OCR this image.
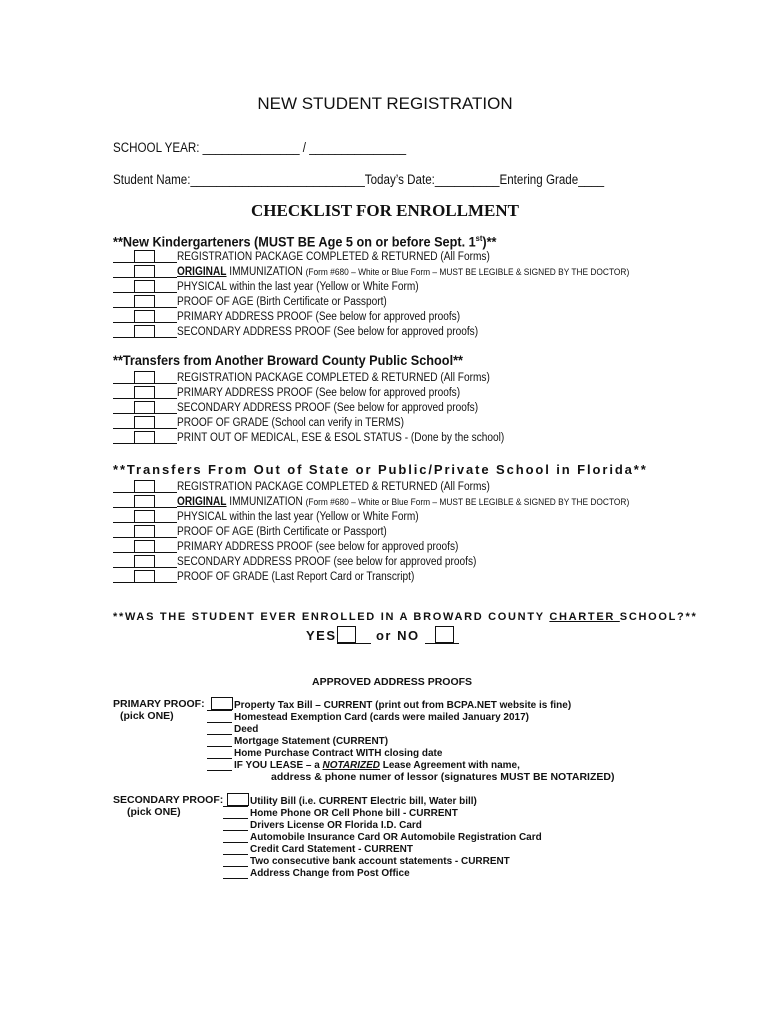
NEW STUDENT REGISTRATION
SCHOOL YEAR: _______________ / _______________
Student Name:___________________________Today’s Date:__________Entering Grade____
CHECKLIST FOR ENROLLMENT
**New Kindergarteners (MUST BE Age 5 on or before Sept. 1st)**
REGISTRATION PACKAGE COMPLETED & RETURNED (All Forms)
ORIGINAL IMMUNIZATION (Form #680 – White or Blue Form – MUST BE LEGIBLE & SIGNED BY THE DOCTOR)
PHYSICAL within the last year (Yellow or White Form)
PROOF OF AGE (Birth Certificate or Passport)
PRIMARY ADDRESS PROOF (See below for approved proofs)
SECONDARY ADDRESS PROOF (See below for approved proofs)
**Transfers from Another Broward County Public School**
REGISTRATION PACKAGE COMPLETED & RETURNED (All Forms)
PRIMARY ADDRESS PROOF (See below for approved proofs)
SECONDARY ADDRESS PROOF (See below for approved proofs)
PROOF OF GRADE (School can verify in TERMS)
PRINT OUT OF MEDICAL, ESE & ESOL STATUS - (Done by the school)
**Transfers From Out of State or Public/Private School in Florida**
REGISTRATION PACKAGE COMPLETED & RETURNED (All Forms)
ORIGINAL IMMUNIZATION (Form #680 – White or Blue Form – MUST BE LEGIBLE & SIGNED BY THE DOCTOR)
PHYSICAL within the last year (Yellow or White Form)
PROOF OF AGE (Birth Certificate or Passport)
PRIMARY ADDRESS PROOF (see below for approved proofs)
SECONDARY ADDRESS PROOF (see below for approved proofs)
PROOF OF GRADE (Last Report Card or Transcript)
**WAS THE STUDENT EVER ENROLLED IN A BROWARD COUNTY CHARTER SCHOOL?**
YES	or NO
APPROVED ADDRESS PROOFS
PRIMARY PROOF:
(pick ONE)
Property Tax Bill – CURRENT (print out from BCPA.NET website is fine)
Homestead Exemption Card (cards were mailed January 2017)
Deed
Mortgage Statement (CURRENT)
Home Purchase Contract WITH closing date
IF YOU LEASE – a NOTARIZED Lease Agreement with name,
address & phone numer of lessor (signatures MUST BE NOTARIZED)
SECONDARY PROOF:
(pick ONE)
Utility Bill (i.e. CURRENT Electric bill, Water bill)
Home Phone OR Cell Phone bill - CURRENT
Drivers License OR Florida I.D. Card
Automobile Insurance Card OR Automobile Registration Card
Credit Card Statement - CURRENT
Two consecutive bank account statements - CURRENT
Address Change from Post Office
